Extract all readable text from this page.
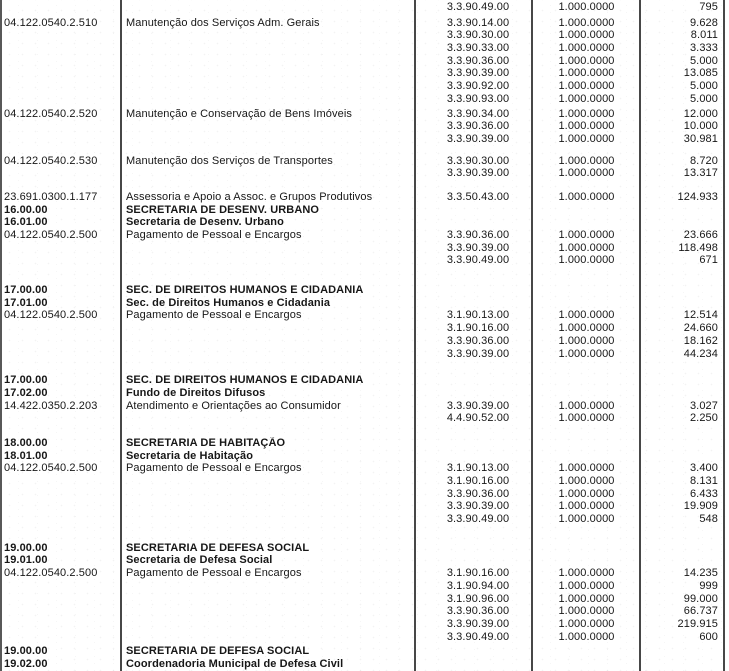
3.3.90.49.00	1.000.0000	795
04.122.0540.2.510	Manutenção dos Serviços Adm. Gerais	3.3.90.14.00	1.000.0000	9.628
3.3.90.30.00	1.000.0000	8.011
3.3.90.33.00	1.000.0000	3.333
3.3.90.36.00	1.000.0000	5.000
3.3.90.39.00	1.000.0000	13.085
3.3.90.92.00	1.000.0000	5.000
3.3.90.93.00	1.000.0000	5.000
04.122.0540.2.520	Manutenção e Conservação de Bens Imóveis	3.3.90.34.00	1.000.0000	12.000
3.3.90.36.00	1.000.0000	10.000
3.3.90.39.00	1.000.0000	30.981
04.122.0540.2.530	Manutenção dos Serviços de Transportes	3.3.90.30.00	1.000.0000	8.720
3.3.90.39.00	1.000.0000	13.317
23.691.0300.1.177	Assessoria e Apoio a Assoc. e Grupos Produtivos	3.3.50.43.00	1.000.0000	124.933
16.00.00	SECRETARIA DE DESENV. URBANO
16.01.00	Secretaria de Desenv. Urbano
04.122.0540.2.500	Pagamento de Pessoal e Encargos	3.3.90.36.00	1.000.0000	23.666
3.3.90.39.00	1.000.0000	118.498
3.3.90.49.00	1.000.0000	671
17.00.00	SEC. DE DIREITOS HUMANOS E CIDADANIA
17.01.00	Sec. de Direitos Humanos e Cidadania
04.122.0540.2.500	Pagamento de Pessoal e Encargos	3.1.90.13.00	1.000.0000	12.514
3.1.90.16.00	1.000.0000	24.660
3.3.90.36.00	1.000.0000	18.162
3.3.90.39.00	1.000.0000	44.234
17.00.00	SEC. DE DIREITOS HUMANOS E CIDADANIA
17.02.00	Fundo de Direitos Difusos
14.422.0350.2.203	Atendimento e Orientações ao Consumidor	3.3.90.39.00	1.000.0000	3.027
4.4.90.52.00	1.000.0000	2.250
18.00.00	SECRETARIA DE HABITAÇÃO
18.01.00	Secretaria de Habitação
04.122.0540.2.500	Pagamento de Pessoal e Encargos	3.1.90.13.00	1.000.0000	3.400
3.1.90.16.00	1.000.0000	8.131
3.3.90.36.00	1.000.0000	6.433
3.3.90.39.00	1.000.0000	19.909
3.3.90.49.00	1.000.0000	548
19.00.00	SECRETARIA DE DEFESA SOCIAL
19.01.00	Secretaria de Defesa Social
04.122.0540.2.500	Pagamento de Pessoal e Encargos	3.1.90.16.00	1.000.0000	14.235
3.1.90.94.00	1.000.0000	999
3.1.90.96.00	1.000.0000	99.000
3.3.90.36.00	1.000.0000	66.737
3.3.90.39.00	1.000.0000	219.915
3.3.90.49.00	1.000.0000	600
19.00.00	SECRETARIA DE DEFESA SOCIAL
19.02.00	Coordenadoria Municipal de Defesa Civil
